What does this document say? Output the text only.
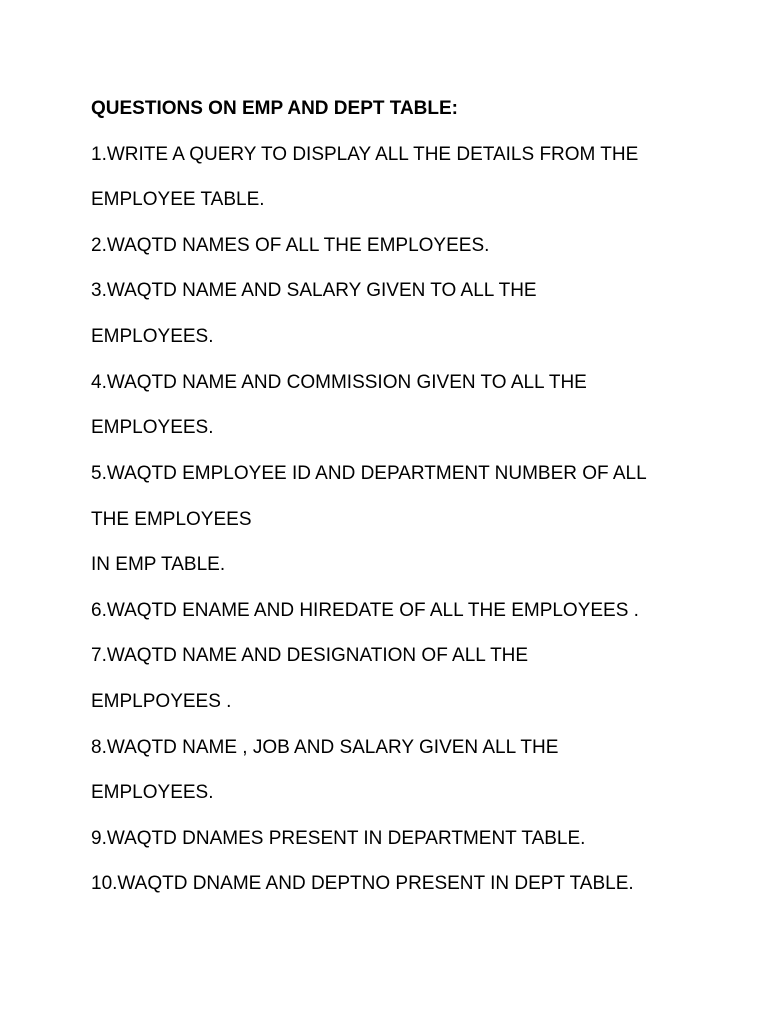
QUESTIONS ON EMP AND DEPT TABLE:

1.WRITE A QUERY TO DISPLAY ALL THE DETAILS FROM THE

EMPLOYEE TABLE.

2.WAQTD NAMES OF ALL THE EMPLOYEES.

3.WAQTD NAME AND SALARY GIVEN TO ALL THE

EMPLOYEES.

4.WAQTD NAME AND COMMISSION GIVEN TO ALL THE

EMPLOYEES.

5.WAQTD EMPLOYEE ID AND DEPARTMENT NUMBER OF ALL

THE EMPLOYEES

IN EMP TABLE.

6.WAQTD ENAME AND HIREDATE OF ALL THE EMPLOYEES .

7.WAQTD NAME AND DESIGNATION OF ALL THE

EMPLPOYEES .

8.WAQTD NAME , JOB AND SALARY GIVEN ALL THE

EMPLOYEES.

9.WAQTD DNAMES PRESENT IN DEPARTMENT TABLE.

10.WAQTD DNAME AND DEPTNO PRESENT IN DEPT TABLE.
